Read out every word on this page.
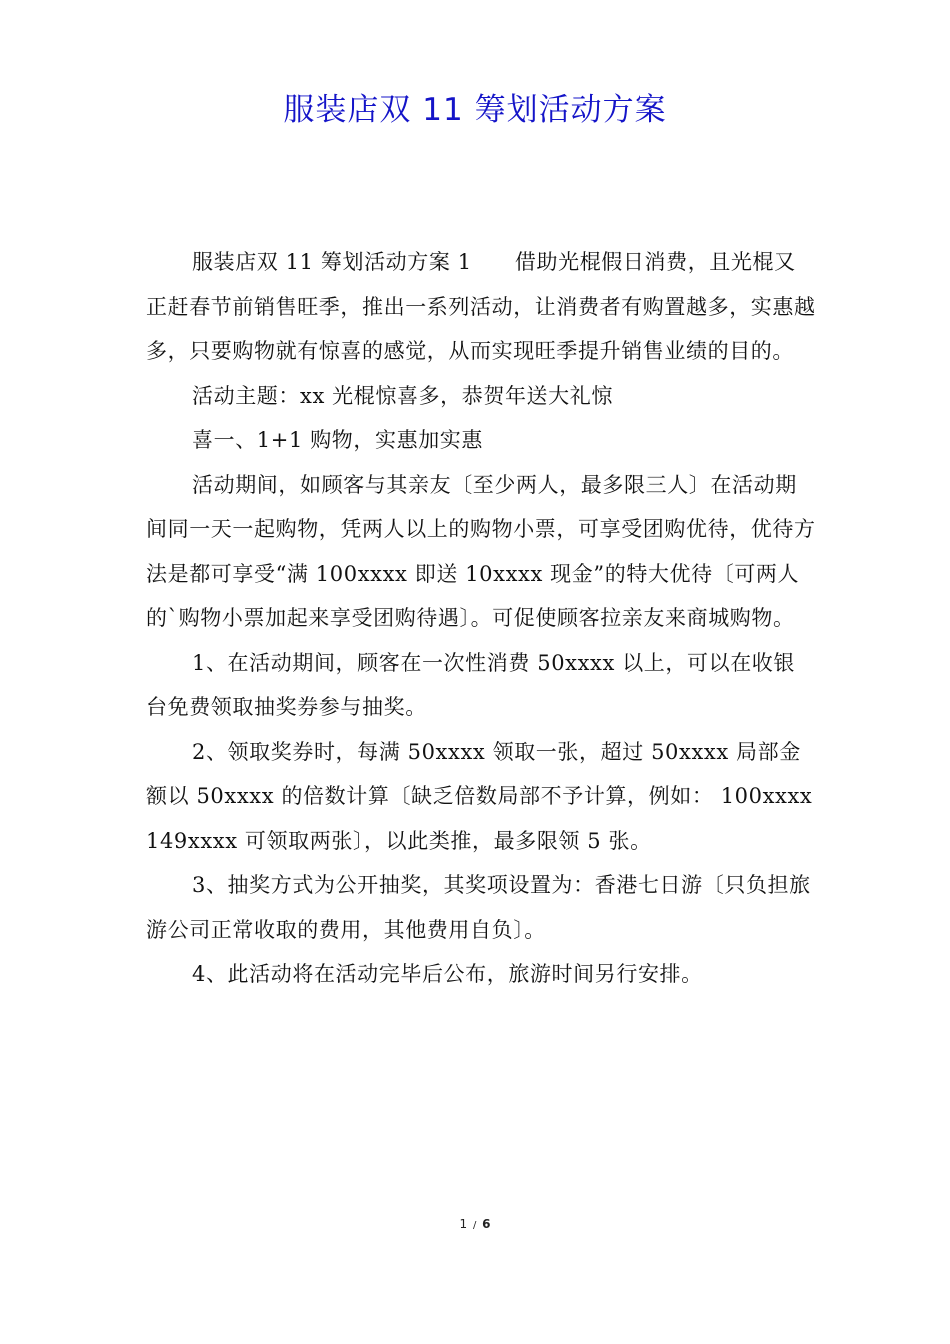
服装店双 11 筹划活动方案

服装店双 11 筹划活动方案 1　　借助光棍假日消费，且光棍又正赶春节前销售旺季，推出一系列活动，让消费者有购置越多，实惠越多，只要购物就有惊喜的感觉，从而实现旺季提升销售业绩的目的。

活动主题：xx 光棍惊喜多，恭贺年送大礼惊

喜一、1+1 购物，实惠加实惠

活动期间，如顾客与其亲友〔至少两人，最多限三人〕在活动期间同一天一起购物，凭两人以上的购物小票，可享受团购优待，优待方法是都可享受“满 100xxxx 即送 10xxxx 现金”的特大优待〔可两人的`购物小票加起来享受团购待遇〕。可促使顾客拉亲友来商城购物。

1、在活动期间，顾客在一次性消费 50xxxx 以上，可以在收银台免费领取抽奖券参与抽奖。

2、领取奖券时，每满 50xxxx 领取一张，超过 50xxxx 局部金额以 50xxxx 的倍数计算〔缺乏倍数局部不予计算，例如： 100xxxx149xxxx 可领取两张〕，以此类推，最多限领 5 张。

3、抽奖方式为公开抽奖，其奖项设置为：香港七日游〔只负担旅游公司正常收取的费用，其他费用自负〕。

4、此活动将在活动完毕后公布，旅游时间另行安排。

1 / 6
